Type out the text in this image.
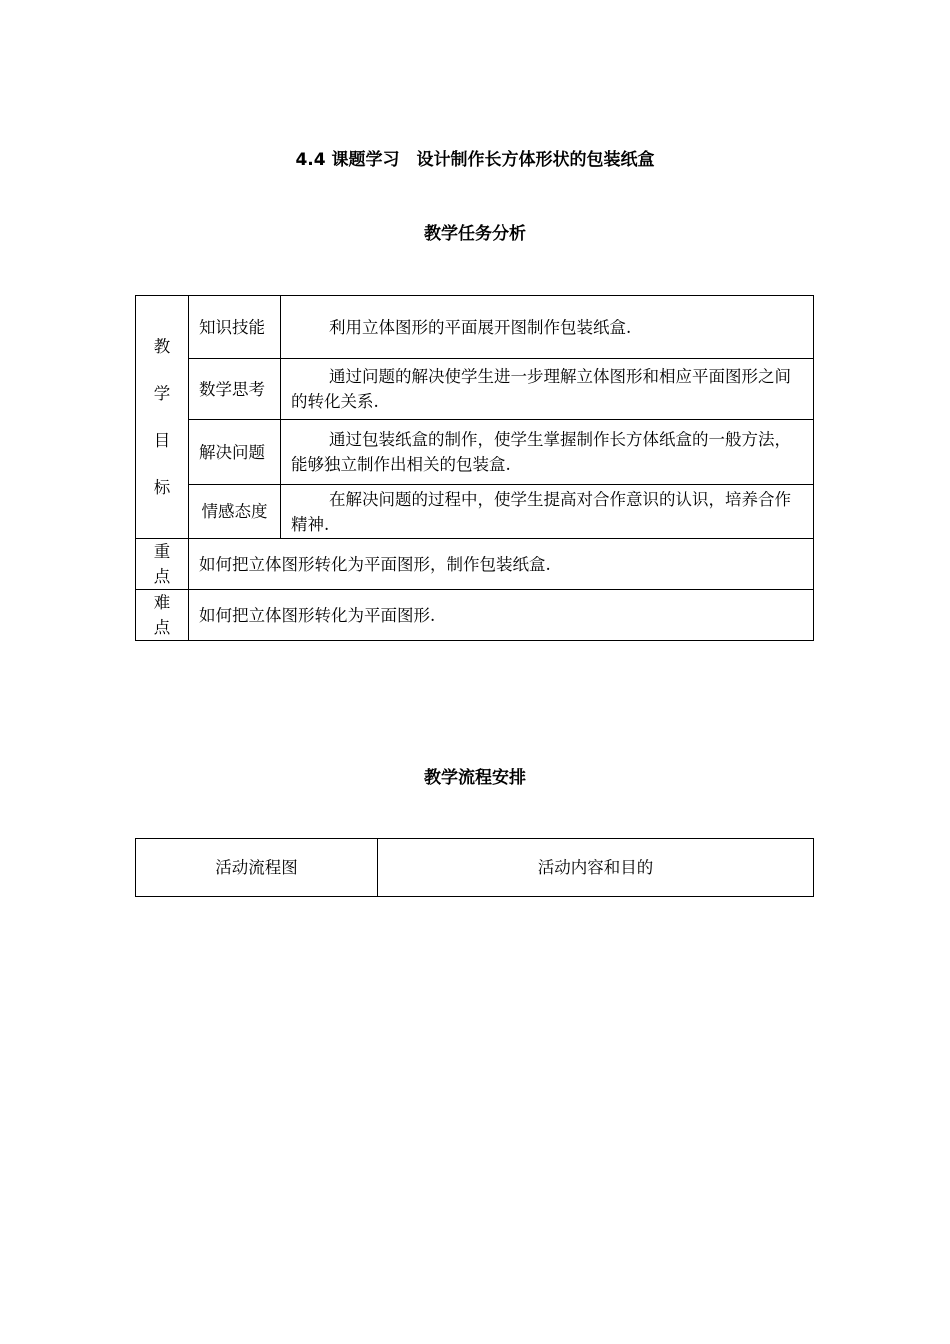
4.4 课题学习　设计制作长方体形状的包装纸盒
教学任务分析
教
学
目
标	知识技能	利用立体图形的平面展开图制作包装纸盒.
	数学思考	通过问题的解决使学生进一步理解立体图形和相应平面图形之间的转化关系.
	解决问题	通过包装纸盒的制作，使学生掌握制作长方体纸盒的一般方法，能够独立制作出相关的包装盒.
	情感态度	在解决问题的过程中，使学生提高对合作意识的认识，培养合作精神.

重
点	如何把立体图形转化为平面图形，制作包装纸盒.	

难
点	如何把立体图形转化为平面图形.	
教学流程安排
活动流程图	活动内容和目的
